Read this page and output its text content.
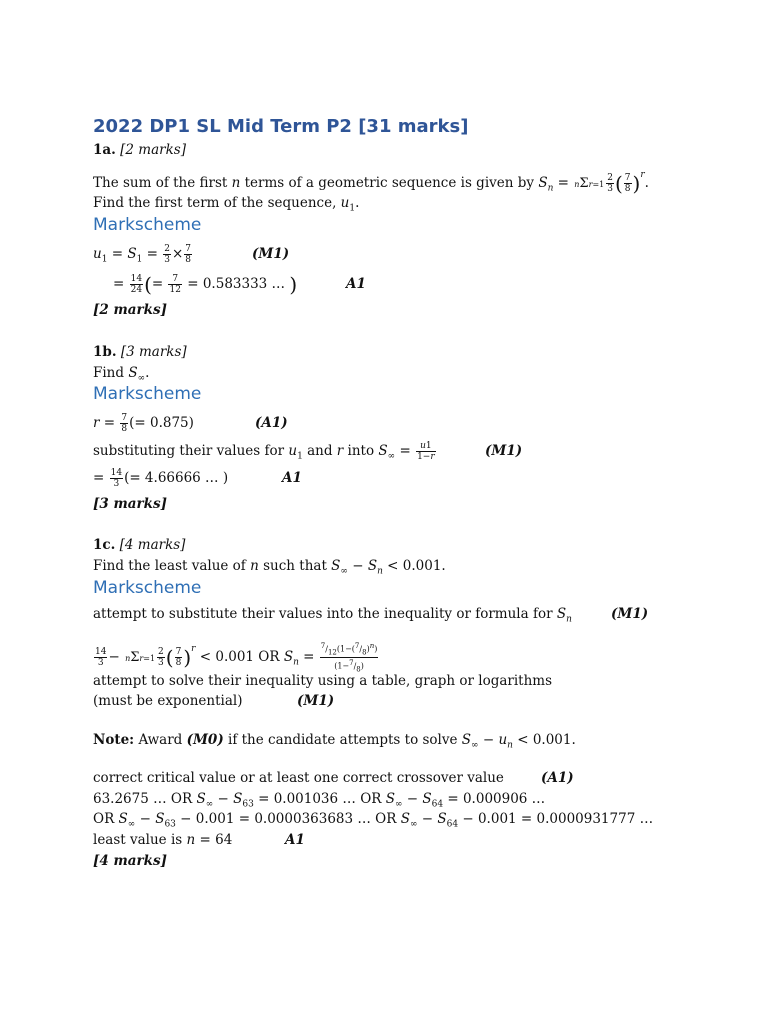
2022 DP1 SL Mid Term P2 [31 marks]
1a. [2 marks]
The sum of the first n terms of a geometric sequence is given by $S_n = n\Sigma r=1 \frac{2}{3}$ ( $\frac{7}{8} )^r$.
Find the first term of the sequence, $u_1$.
Markscheme
$u_1 = S_1 = \frac{2}{3} \times \frac{7}{8}$	(M1)
= $\frac{14}{24}$ (= $\frac{7}{12} = 0.583333$ … )	A1
[2 marks]
1b. [3 marks]
Find $S_\infty$.
Markscheme
$r = \frac{7}{8}$ (= 0.875)	(A1)
substituting their values for $u_1$ and r into $S_\infty = \frac{u1}{1-r}$	(M1)
= $\frac{14}{3}$ (= 4.66666 … )	A1
[3 marks]
1c. [4 marks]
Find the least value of n such that $S_\infty - S_n < 0.001$.
Markscheme
attempt to substitute their values into the inequality or formula for $S_n$	(M1)
$\frac{14}{3} - n\Sigma r=1 \frac{2}{3}$ ( $\frac{7}{8} )^r < 0.001$ OR $S_n = \frac{^7/_{12}(1-(^7/_8)^n)}{(1-^7/_8)}$
attempt to solve their inequality using a table, graph or logarithms
(must be exponential)	(M1)
Note: Award (M0) if the candidate attempts to solve $S_\infty - u_n < 0.001$.
correct critical value or at least one correct crossover value	(A1)
63.2675 … OR $S_\infty - S_{63} = 0.001036$ … OR $S_\infty - S_{64} = 0.000906$ …
OR $S_\infty - S_{63} - 0.001 = 0.0000363683$ … OR $S_\infty - S_{64} - 0.001 = 0.0000931777$ …
least value is n = 64	A1
[4 marks]
